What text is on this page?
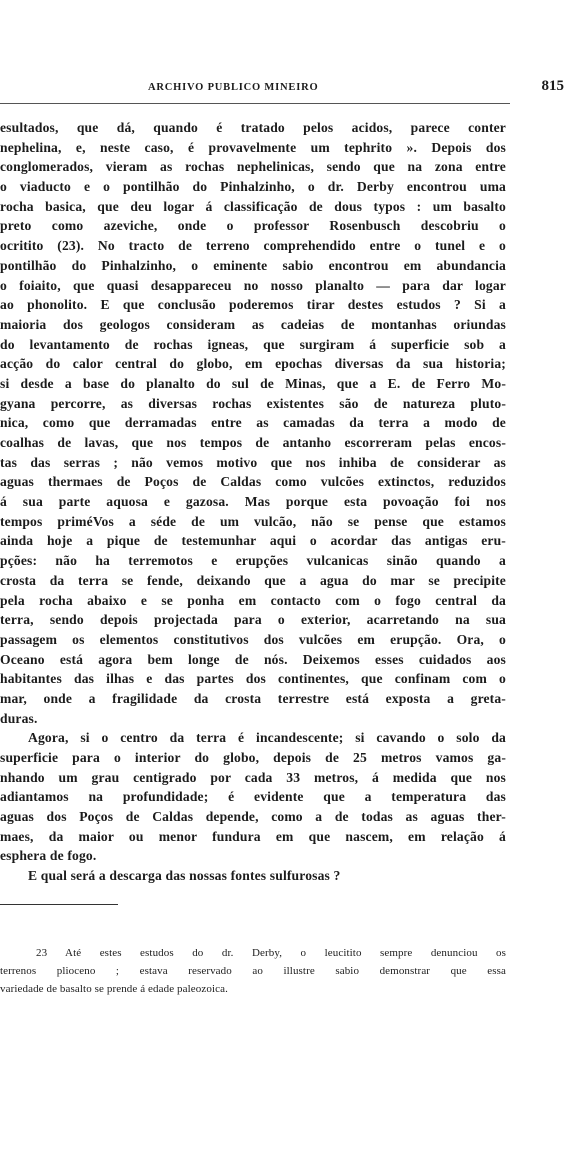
ARCHIVO PUBLICO MINEIRO	815
esultados, que dá, quando é tratado pelos acidos, parece conter
nephelina, e, neste caso, é provavelmente um tephrito ». Depois dos
conglomerados, vieram as rochas nephelinicas, sendo que na zona entre
o viaducto e o pontilhão do Pinhalzinho, o dr. Derby encontrou uma
rocha basica, que deu logar á classificação de dous typos : um basalto
preto como azeviche, onde o professor Rosenbusch descobriu o
ocritito (23). No tracto de terreno comprehendido entre o tunel e o
pontilhão do Pinhalzinho, o eminente sabio encontrou em abundancia
o foiaito, que quasi desappareceu no nosso planalto — para dar logar
ao phonolito. E que conclusão poderemos tirar destes estudos ? Si a
maioria dos geologos consideram as cadeias de montanhas oriundas
do levantamento de rochas igneas, que surgiram á superficie sob a
acção do calor central do globo, em epochas diversas da sua historia;
si desde a base do planalto do sul de Minas, que a E. de Ferro Mo-
gyana percorre, as diversas rochas existentes são de natureza pluto-
nica, como que derramadas entre as camadas da terra a modo de
coalhas de lavas, que nos tempos de antanho escorreram pelas encos-
tas das serras ; não vemos motivo que nos inhiba de considerar as
aguas thermaes de Poços de Caldas como vulcões extinctos, reduzidos
á sua parte aquosa e gazosa. Mas porque esta povoação foi nos
tempos priméVos a séde de um vulcão, não se pense que estamos
ainda hoje a pique de testemunhar aqui o acordar das antigas eru-
pções: não ha terremotos e erupções vulcanicas sinão quando a
crosta da terra se fende, deixando que a agua do mar se precipite
pela rocha abaixo e se ponha em contacto com o fogo central da
terra, sendo depois projectada para o exterior, acarretando na sua
passagem os elementos constitutivos dos vulcões em erupção. Ora, o
Oceano está agora bem longe de nós. Deixemos esses cuidados aos
habitantes das ilhas e das partes dos continentes, que confinam com o
mar, onde a fragilidade da crosta terrestre está exposta a greta-
duras.
Agora, si o centro da terra é incandescente; si cavando o solo da
superficie para o interior do globo, depois de 25 metros vamos ga-
nhando um grau centigrado por cada 33 metros, á medida que nos
adiantamos na profundidade; é evidente que a temperatura das
aguas dos Poços de Caldas depende, como a de todas as aguas ther-
maes, da maior ou menor fundura em que nascem, em relação á
esphera de fogo.
E qual será a descarga das nossas fontes sulfurosas ?
23 Até estes estudos do dr. Derby, o leucitito sempre denunciou os
terrenos plioceno ; estava reservado ao illustre sabio demonstrar que essa
variedade de basalto se prende á edade paleozoica.
